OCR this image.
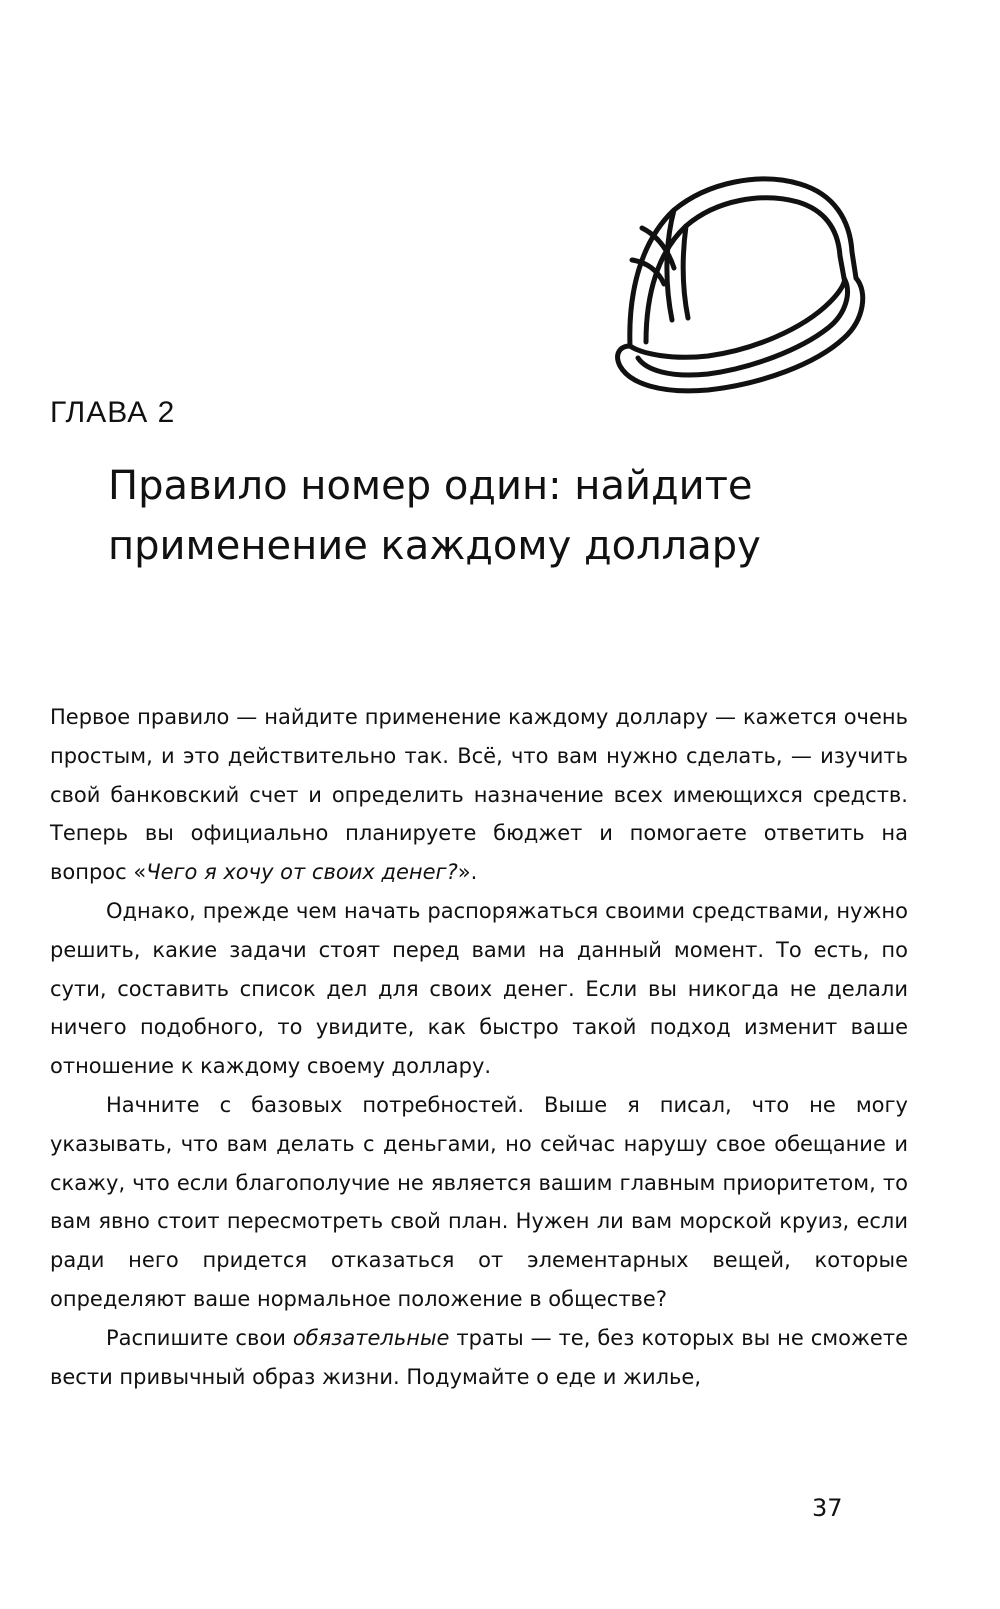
ГЛАВА 2
Правило номер один: найдите
применение каждому доллару

Первое правило — найдите применение каждому доллару — кажется очень простым, и это действительно так. Всё, что вам нужно сделать, — изучить свой банковский счет и определить назначение всех имеющихся средств. Теперь вы официально планируете бюджет и помогаете ответить на вопрос «Чего я хочу от своих денег?».

Однако, прежде чем начать распоряжаться своими средствами, нужно решить, какие задачи стоят перед вами на данный момент. То есть, по сути, составить список дел для своих денег. Если вы никогда не делали ничего подобного, то увидите, как быстро такой подход изменит ваше отношение к каждому своему доллару.

Начните с базовых потребностей. Выше я писал, что не могу указывать, что вам делать с деньгами, но сейчас нарушу свое обещание и скажу, что если благополучие не является вашим главным приоритетом, то вам явно стоит пересмотреть свой план. Нужен ли вам морской круиз, если ради него придется отказаться от элементарных вещей, которые определяют ваше нормальное положение в обществе?

Распишите свои обязательные траты — те, без которых вы не сможете вести привычный образ жизни. Подумайте о еде и жилье,

37
